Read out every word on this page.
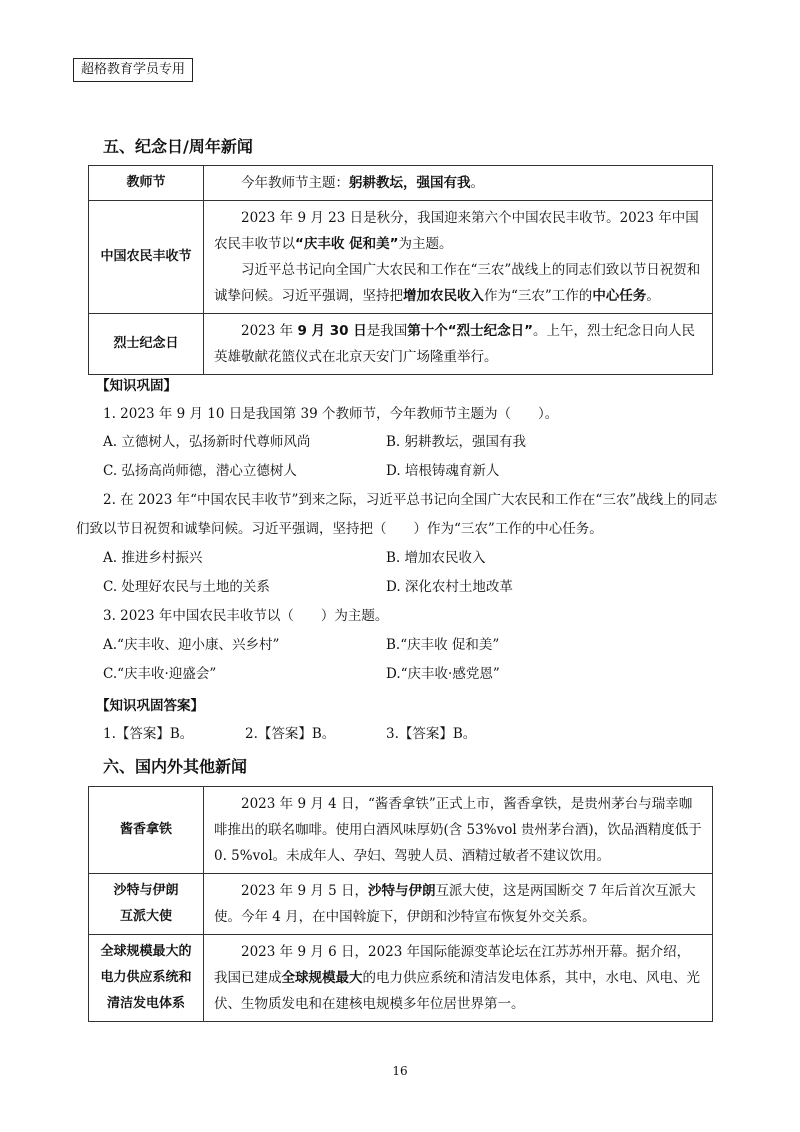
超格教育学员专用
五、纪念日/周年新闻
教师节	今年教师节主题：躬耕教坛，强国有我。
中国农民丰收节	2023 年 9 月 23 日是秋分，我国迎来第六个中国农民丰收节。2023 年中国农民丰收节以“庆丰收 促和美”为主题。

习近平总书记向全国广大农民和工作在“三农”战线上的同志们致以节日祝贺和诚挚问候。习近平强调，坚持把增加农民收入作为“三农”工作的中心任务。

烈士纪念日	2023 年 9 月 30 日是我国第十个“烈士纪念日”。上午，烈士纪念日向人民英雄敬献花篮仪式在北京天安门广场隆重举行。
【知识巩固】
1. 2023 年 9 月 10 日是我国第 39 个教师节，今年教师节主题为（　　）。
A. 立德树人，弘扬新时代尊师风尚	B. 躬耕教坛，强国有我
C. 弘扬高尚师德，潜心立德树人	D. 培根铸魂育新人
2. 在 2023 年“中国农民丰收节”到来之际，习近平总书记向全国广大农民和工作在“三农”战线上的同志
们致以节日祝贺和诚挚问候。习近平强调，坚持把（　　）作为“三农”工作的中心任务。
A. 推进乡村振兴	B. 增加农民收入
C. 处理好农民与土地的关系	D. 深化农村土地改革
3. 2023 年中国农民丰收节以（　　）为主题。
A.“庆丰收、迎小康、兴乡村”	B.“庆丰收 促和美”
C.“庆丰收·迎盛会”	D.“庆丰收·感党恩”
【知识巩固答案】
1.【答案】B。	2.【答案】B。	3.【答案】B。
六、国内外其他新闻
酱香拿铁	2023 年 9 月 4 日，“酱香拿铁”正式上市，酱香拿铁，是贵州茅台与瑞幸咖啡推出的联名咖啡。使用白酒风味厚奶(含 53%vol 贵州茅台酒)，饮品酒精度低于 0. 5%vol。未成年人、孕妇、驾驶人员、酒精过敏者不建议饮用。

沙特与伊朗
互派大使	2023 年 9 月 5 日，沙特与伊朗互派大使，这是两国断交 7 年后首次互派大使。今年 4 月，在中国斡旋下，伊朗和沙特宣布恢复外交关系。

全球规模最大的
电力供应系统和
清洁发电体系	2023 年 9 月 6 日，2023 年国际能源变革论坛在江苏苏州开幕。据介绍，我国已建成全球规模最大的电力供应系统和清洁发电体系，其中，水电、风电、光伏、生物质发电和在建核电规模多年位居世界第一。
16
